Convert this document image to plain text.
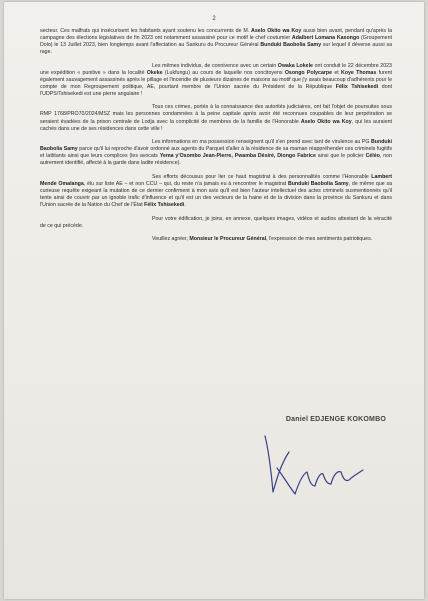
2

secteur. Ces malfrats qui insécurisent les habitants ayant soutenu les concurrents de M. Aselo Okito wa Koy aussi bien avant, pendant qu'après la campagne des élections législatives de fin 2023 ont notamment assassiné pour ce motif le chef coutumier Adalbert Lomana Kasongo (Groupement Dolo) le 13 Juillet 2023, bien longtemps avant l'affectation au Sankuru du Procureur Général Bunduki Baobolia Samy sur lequel il déverse aussi sa rage.

Les mêmes individus, de connivence avec un certain Owaka Lokele ont conduit le 22 décembre 2023 une expédition « punitive » dans la localité Okeke (Lukfungu) au cours de laquelle nos concitoyens Osongo Polycarpe et Koye Thomas furent également sauvagement assassinés après le pillage et l'incendie de plusieurs dizaines de maisons au motif que j'y avais beaucoup d'adhérents pour le compte de mon Regroupement politique, AE, pourtant membre de l'Union sacrée du Président de la République Félix Tshisekedi dont l'UDPS/Tshisekedi est une pierre angulaire !

Tous ces crimes, portés à la connaissance des autorités judiciaires, ont fait l'objet de poursuites sous RMP 1768/PRO70/2024/MSZ mais les personnes condamnées à la peine capitale après avoir été reconnues coupables de leur perpétration se seraient évadées de la prison centrale de Lodja avec la complicité de membres de la famille de l'Honorable Aselo Okito wa Koy, qui les auraient cachés dans une de ses résidences dans cette ville !

Les informations en ma possession renseignent qu'il s'en prend avec tant de virulence au PG Bunduki Baobolia Samy parce qu'il lui reproche d'avoir ordonné aux agents du Parquet d'aller à la résidence de sa maman réappréhender ces criminels fugitifs et lattitants ainsi que leurs complices (les avocats Yema y'Osombo Jean-Pierre, Pwamba Désiré, Diongo Fabrice ainsi que le policier Céléo, non autrement identifié, affecté à la garde dans ladite résidence).

Ses efforts décousus pour lier ce haut magistrat à des personnalités comme l'Honorable Lambert Mende Omalanga, élu sur liste AE – et non CCU – qui, du reste n'a jamais eu à rencontrer le magistrat Bunduki Baobolia Samy, de même que sa curieuse requête exigeant la mutation de ce dernier confirment à mon avis qu'il est bien l'auteur intellectuel des actes criminels susmentionnés qu'il tente ainsi de couvrir par un ignoble trafic d'influence et qu'il est un des vecteurs de la haine et de la division dans la province du Sankuru et dans l'Union sacrée de la Nation du Chef de l'État Félix Tshisekedi.

Pour votre édification, je joins, en annexe, quelques images, vidéos et audios attestant de la véracité de ce qui précède.

Veuillez agréer, Monsieur le Procureur Général, l'expression de mes sentiments patriotiques.

Daniel EDJENGE KOKOMBO
